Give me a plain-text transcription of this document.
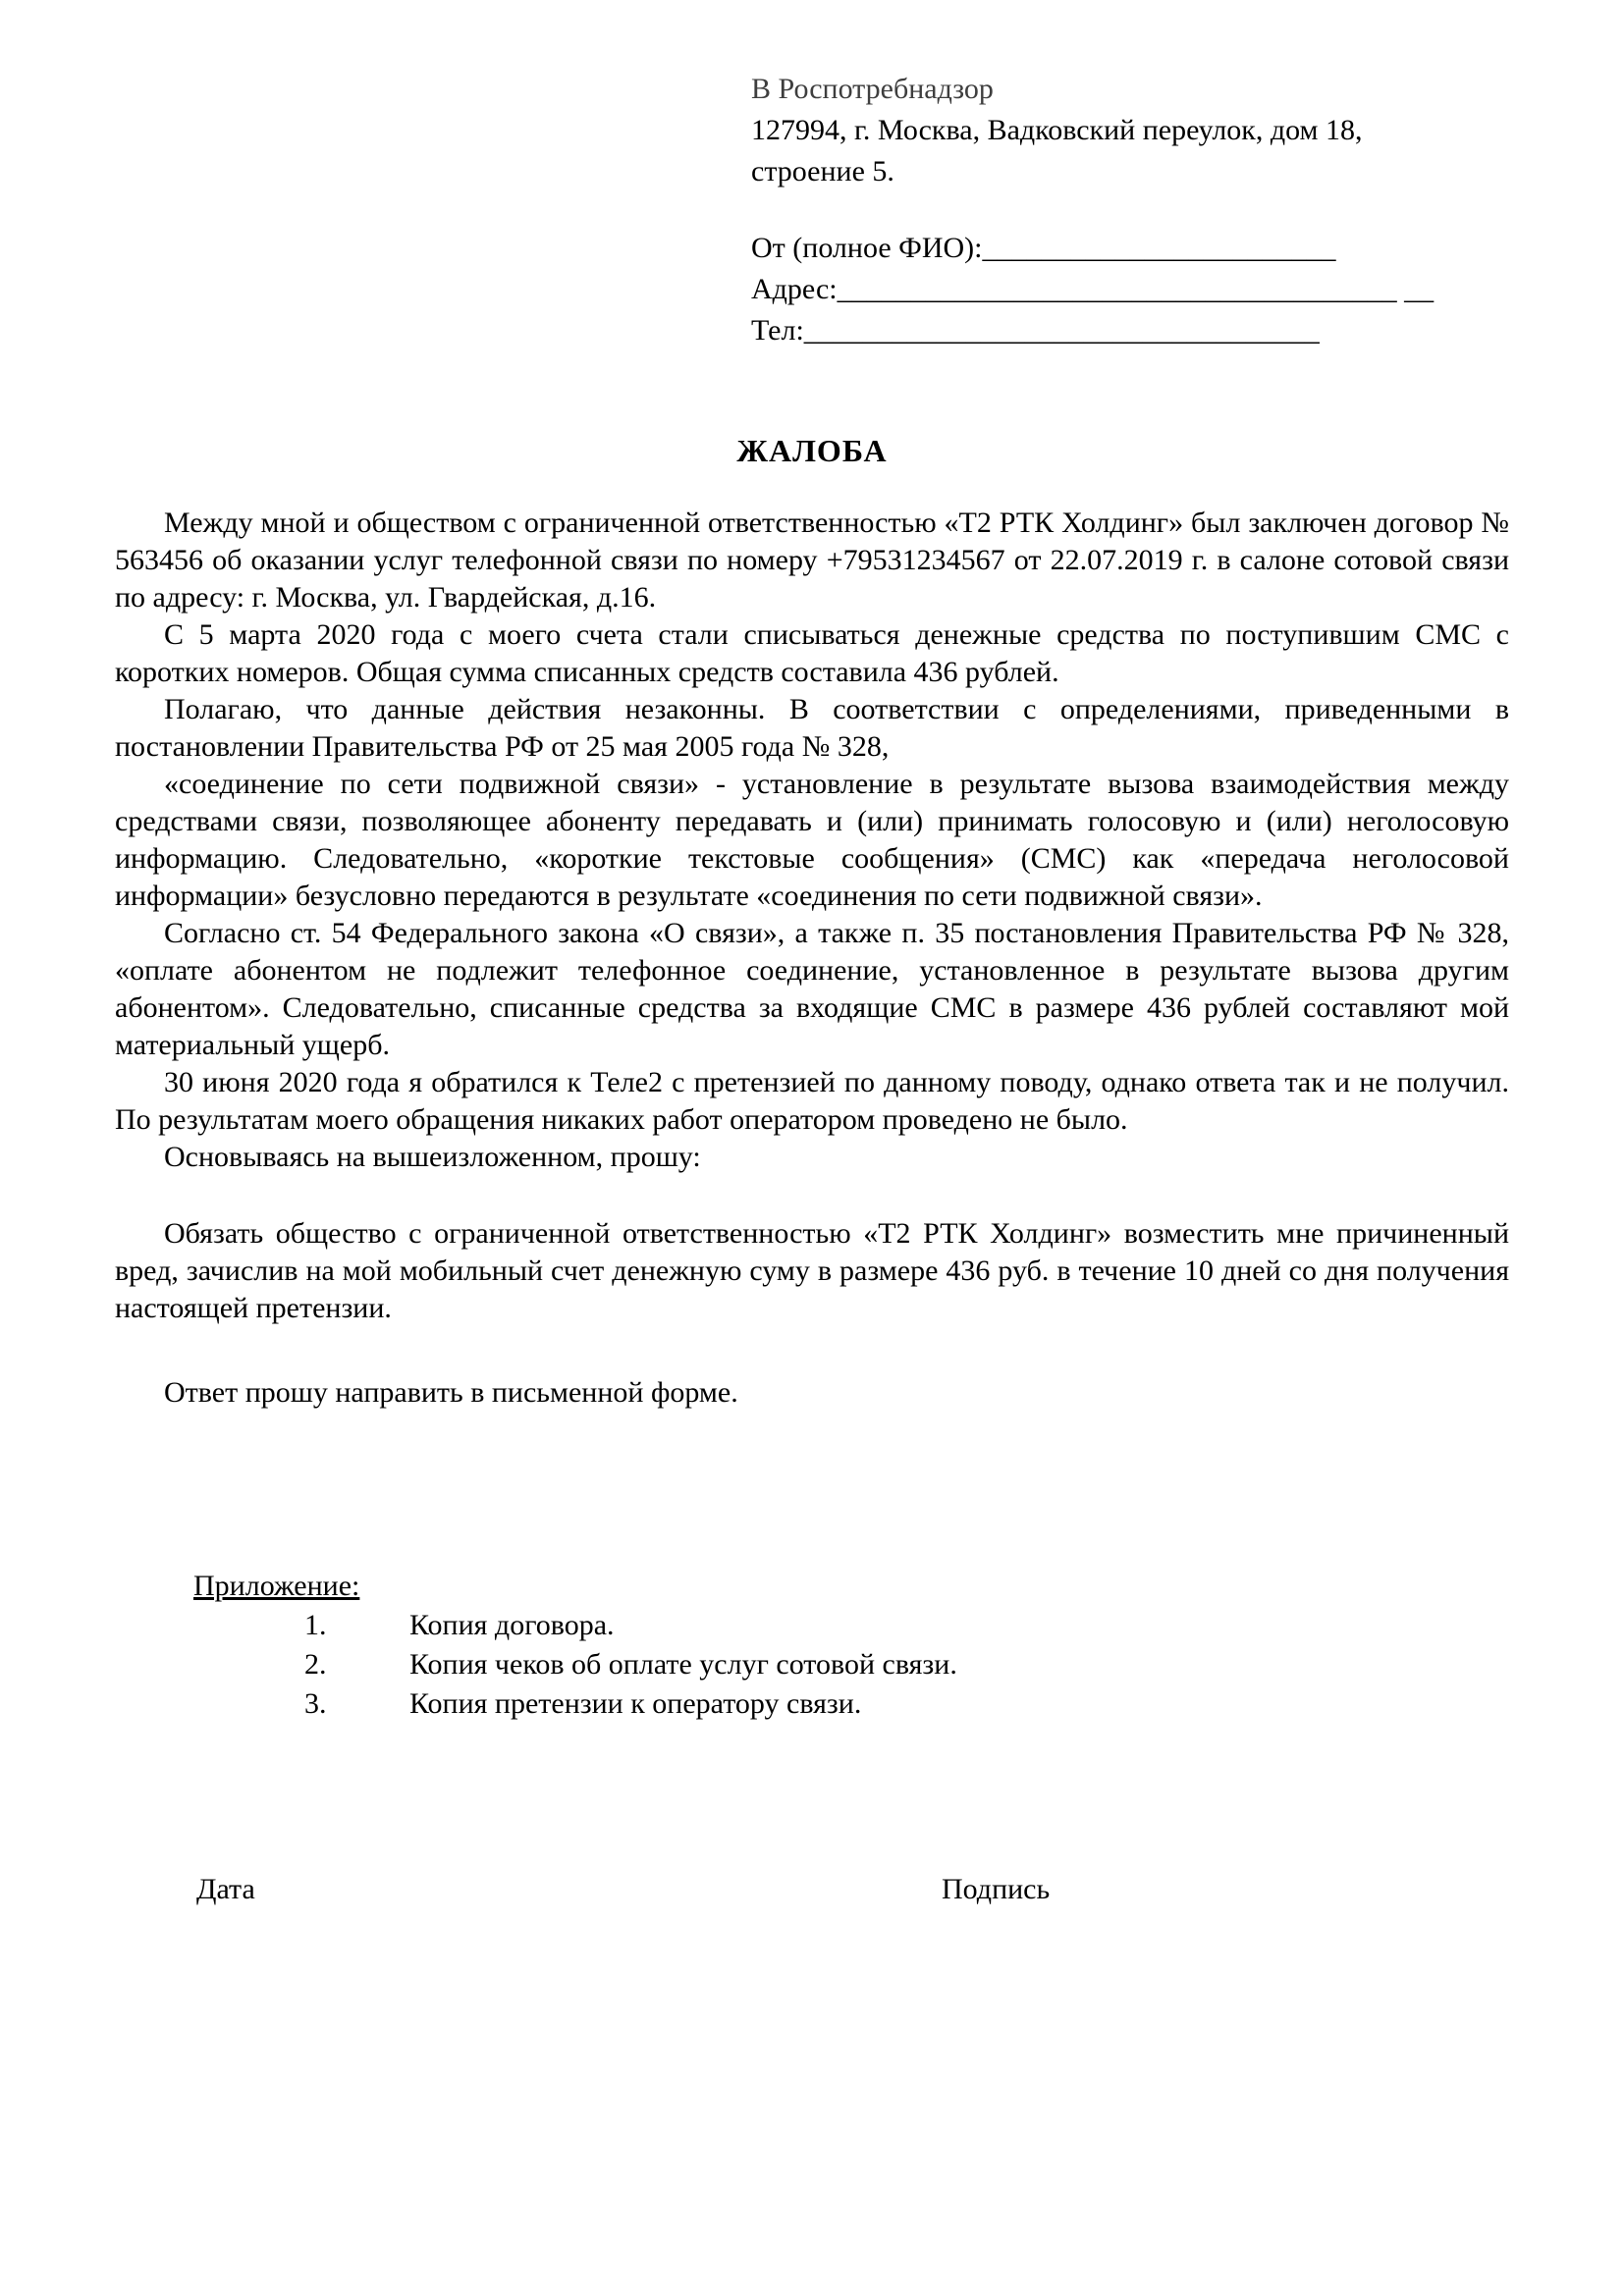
В Роспотребнадзор
127994, г. Москва, Вадковский переулок, дом 18,
строение 5.
От (полное ФИО):________________________
Адрес:______________________________________ __
Тел:___________________________________
ЖАЛОБА

Между мной и обществом с ограниченной ответственностью «Т2 РТК Холдинг» был заключен договор № 563456 об оказании услуг телефонной связи по номеру +79531234567 от 22.07.2019 г. в салоне сотовой связи по адресу: г. Москва, ул. Гвардейская, д.16.

С 5 марта 2020 года с моего счета стали списываться денежные средства по поступившим СМС с коротких номеров. Общая сумма списанных средств составила 436 рублей.

Полагаю, что данные действия незаконны. В соответствии с определениями, приведенными в постановлении Правительства РФ от 25 мая 2005 года № 328,

«соединение по сети подвижной связи» - установление в результате вызова взаимодействия между средствами связи, позволяющее абоненту передавать и (или) принимать голосовую и (или) неголосовую информацию. Следовательно, «короткие текстовые сообщения» (СМС) как «передача неголосовой информации» безусловно передаются в результате «соединения по сети подвижной связи».

Согласно ст. 54 Федерального закона «О связи», а также п. 35 постановления Правительства РФ № 328, «оплате абонентом не подлежит телефонное соединение, установленное в результате вызова другим абонентом». Следовательно, списанные средства за входящие СМС в размере 436 рублей составляют мой материальный ущерб.

30 июня 2020 года я обратился к Теле2 с претензией по данному поводу, однако ответа так и не получил. По результатам моего обращения никаких работ оператором проведено не было.

Основываясь на вышеизложенном, прошу:

Обязать общество с ограниченной ответственностью «Т2 РТК Холдинг» возместить мне причиненный вред, зачислив на мой мобильный счет денежную суму в размере 436 руб. в течение 10 дней со дня получения настоящей претензии.

Ответ прошу направить в письменной форме.

Приложение:
1.	Копия договора.
2.	Копия чеков об оплате услуг сотовой связи.
3.	Копия претензии к оператору связи.
Дата	Подпись
